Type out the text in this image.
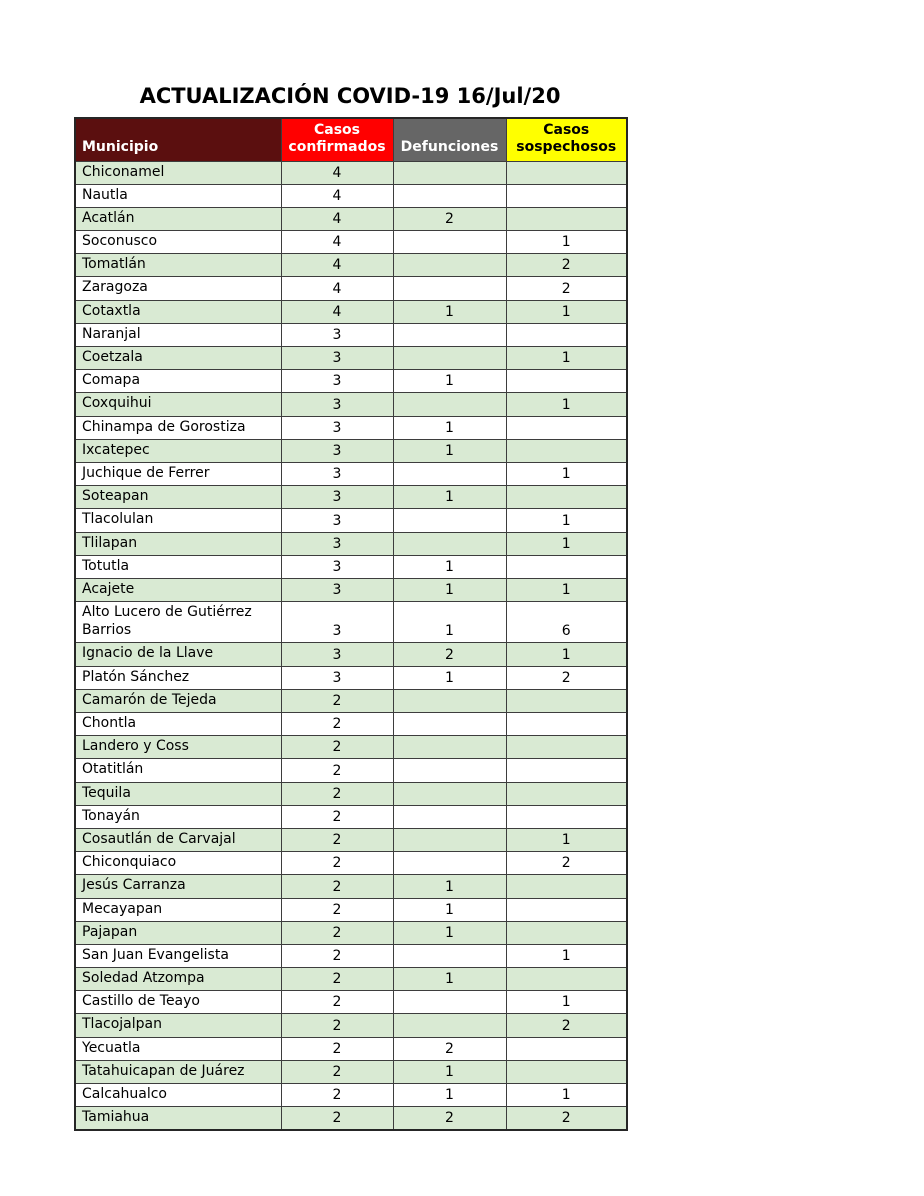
ACTUALIZACIÓN COVID-19 16/Jul/20
Municipio	Casos confirmados	Defunciones	Casos sospechosos
Chiconamel	4		
Nautla	4		
Acatlán	4	2	
Soconusco	4		1
Tomatlán	4		2
Zaragoza	4		2
Cotaxtla	4	1	1
Naranjal	3		
Coetzala	3		1
Comapa	3	1	
Coxquihui	3		1
Chinampa de Gorostiza	3	1	
Ixcatepec	3	1	
Juchique de Ferrer	3		1
Soteapan	3	1	
Tlacolulan	3		1
Tlilapan	3		1
Totutla	3	1	
Acajete	3	1	1
Alto Lucero de Gutiérrez Barrios	3	1	6
Ignacio de la Llave	3	2	1
Platón Sánchez	3	1	2
Camarón de Tejeda	2		
Chontla	2		
Landero y Coss	2		
Otatitlán	2		
Tequila	2		
Tonayán	2		
Cosautlán de Carvajal	2		1
Chiconquiaco	2		2
Jesús Carranza	2	1	
Mecayapan	2	1	
Pajapan	2	1	
San Juan Evangelista	2		1
Soledad Atzompa	2	1	
Castillo de Teayo	2		1
Tlacojalpan	2		2
Yecuatla	2	2	
Tatahuicapan de Juárez	2	1	
Calcahualco	2	1	1
Tamiahua	2	2	2
